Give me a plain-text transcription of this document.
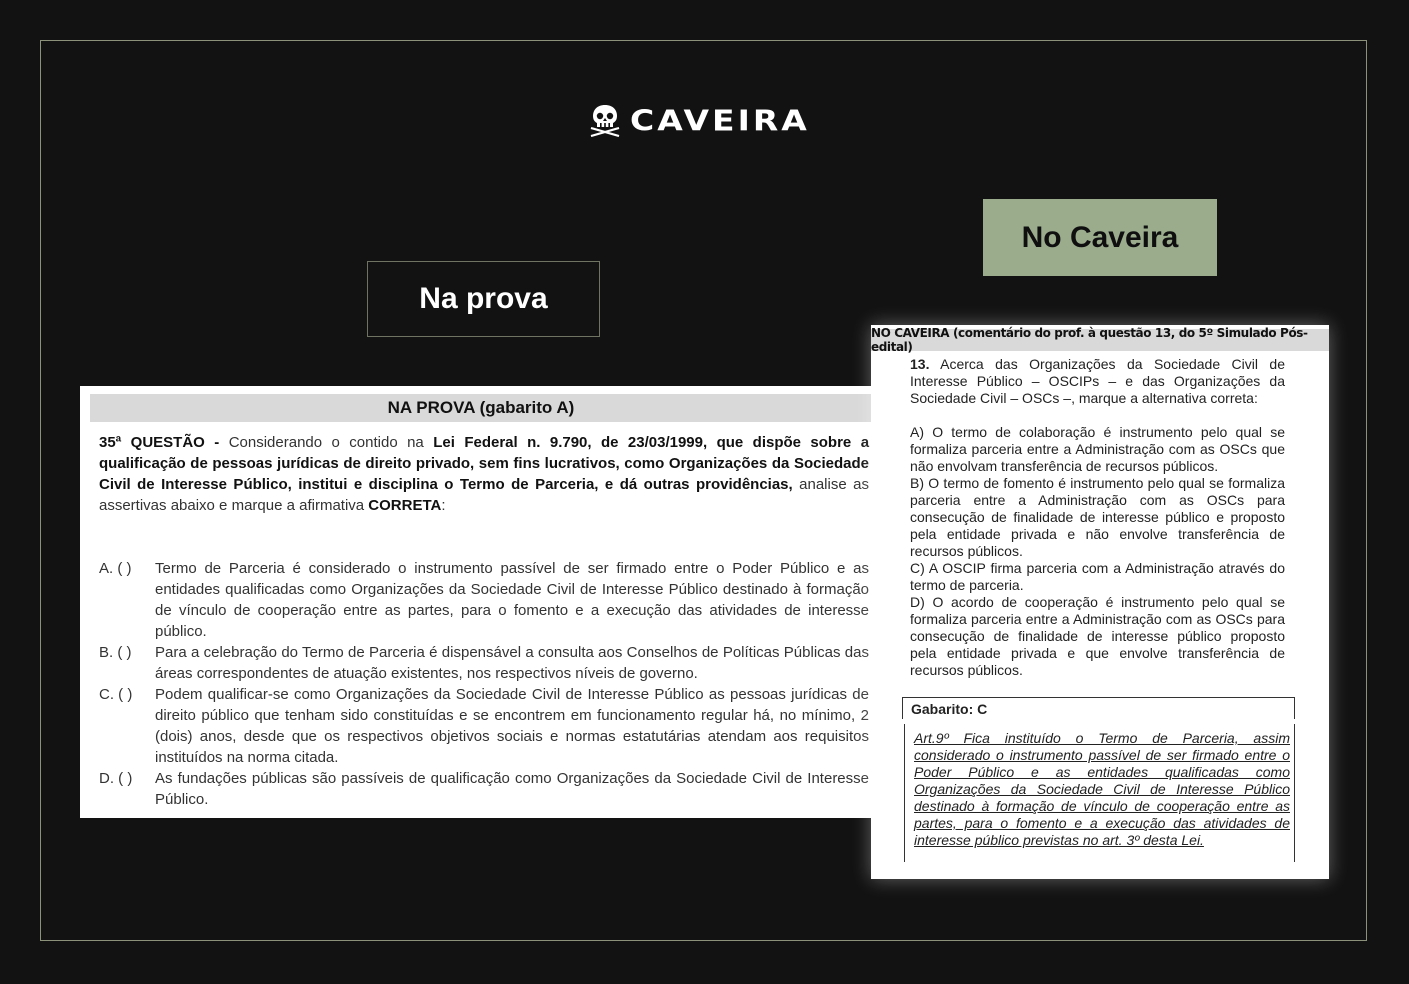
CAVEIRA
Na prova
No Caveira
NA PROVA (gabarito A)
35ª QUESTÃO - Considerando o contido na Lei Federal n. 9.790, de 23/03/1999, que dispõe sobre a qualificação de pessoas jurídicas de direito privado, sem fins lucrativos, como Organizações da Sociedade Civil de Interesse Público, institui e disciplina o Termo de Parceria, e dá outras providências, analise as assertivas abaixo e marque a afirmativa CORRETA:
A. ( )	Termo de Parceria é considerado o instrumento passível de ser firmado entre o Poder Público e as entidades qualificadas como Organizações da Sociedade Civil de Interesse Público destinado à formação de vínculo de cooperação entre as partes, para o fomento e a execução das atividades de interesse público.
B. ( )	Para a celebração do Termo de Parceria é dispensável a consulta aos Conselhos de Políticas Públicas das áreas correspondentes de atuação existentes, nos respectivos níveis de governo.
C. ( )	Podem qualificar-se como Organizações da Sociedade Civil de Interesse Público as pessoas jurídicas de direito público que tenham sido constituídas e se encontrem em funcionamento regular há, no mínimo, 2 (dois) anos, desde que os respectivos objetivos sociais e normas estatutárias atendam aos requisitos instituídos na norma citada.
D. ( )	As fundações públicas são passíveis de qualificação como Organizações da Sociedade Civil de Interesse Público.
NO CAVEIRA (comentário do prof. à questão 13, do 5º Simulado Pós-edital)

13. Acerca das Organizações da Sociedade Civil de Interesse Público – OSCIPs – e das Organizações da Sociedade Civil – OSCs –, marque a alternativa correta:

A) O termo de colaboração é instrumento pelo qual se formaliza parceria entre a Administração com as OSCs que não envolvam transferência de recursos públicos.

B) O termo de fomento é instrumento pelo qual se formaliza parceria entre a Administração com as OSCs para consecução de finalidade de interesse público e proposto pela entidade privada e não envolve transferência de recursos públicos.

C) A OSCIP firma parceria com a Administração através do termo de parceria.

D) O acordo de cooperação é instrumento pelo qual se formaliza parceria entre a Administração com as OSCs para consecução de finalidade de interesse público proposto pela entidade privada e que envolve transferência de recursos públicos.

Gabarito: C
Art.9º Fica instituído o Termo de Parceria, assim considerado o instrumento passível de ser firmado entre o Poder Público e as entidades qualificadas como Organizações da Sociedade Civil de Interesse Público destinado à formação de vínculo de cooperação entre as partes, para o fomento e a execução das atividades de interesse público previstas no art. 3º desta Lei.
